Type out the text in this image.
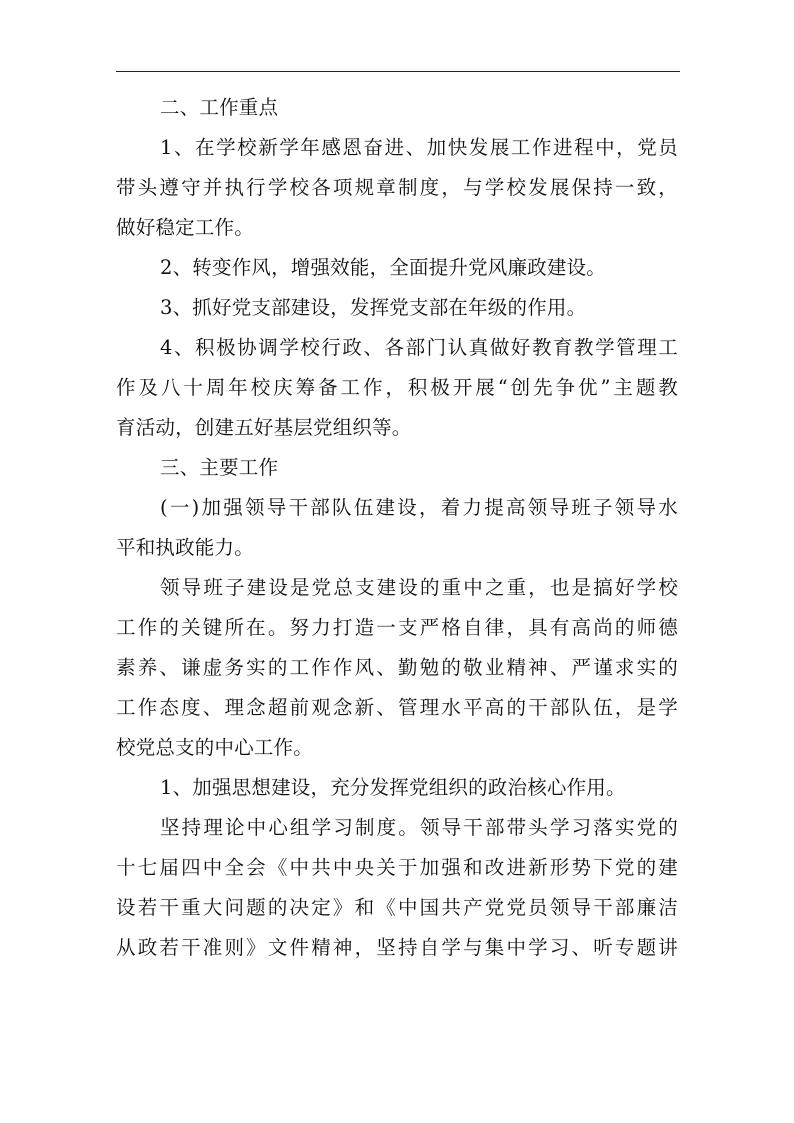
二、工作重点
1、在学校新学年感恩奋进、加快发展工作进程中，党员
带头遵守并执行学校各项规章制度，与学校发展保持一致，
做好稳定工作。
2、转变作风，增强效能，全面提升党风廉政建设。
3、抓好党支部建设，发挥党支部在年级的作用。
4、积极协调学校行政、各部门认真做好教育教学管理工
作及八十周年校庆筹备工作，积极开展“创先争优”主题教
育活动，创建五好基层党组织等。
三、主要工作
(一)加强领导干部队伍建设，着力提高领导班子领导水
平和执政能力。
领导班子建设是党总支建设的重中之重，也是搞好学校
工作的关键所在。努力打造一支严格自律，具有高尚的师德
素养、谦虚务实的工作作风、勤勉的敬业精神、严谨求实的
工作态度、理念超前观念新、管理水平高的干部队伍，是学
校党总支的中心工作。
1、加强思想建设，充分发挥党组织的政治核心作用。
坚持理论中心组学习制度。领导干部带头学习落实党的
十七届四中全会《中共中央关于加强和改进新形势下党的建
设若干重大问题的决定》和《中国共产党党员领导干部廉洁
从政若干准则》文件精神，坚持自学与集中学习、听专题讲
